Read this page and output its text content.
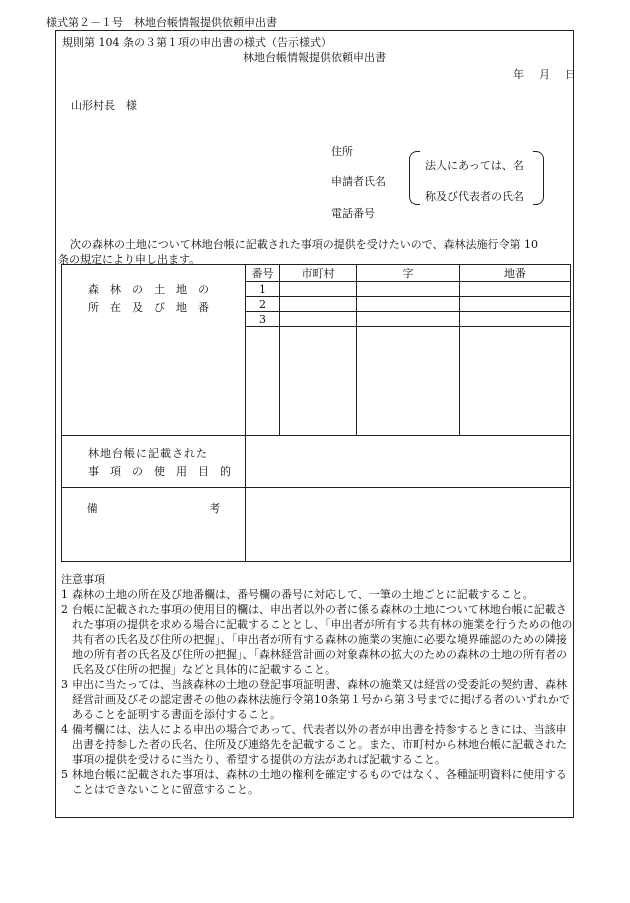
様式第２－１号　林地台帳情報提供依頼申出書
規則第 104 条の３第１項の申出書の様式（告示様式）
林地台帳情報提供依頼申出書
年　月　日
山形村長　様
住所
申請者氏名
電話番号
法人にあっては、名
称及び代表者の氏名
次の森林の土地について林地台帳に記載された事項の提供を受けたいので、森林法施行令第 10
条の規定により申し出ます。
森　林　の　土　地　の
所　在　及　び　地　番	番号	市町村	字	地番
	1			
	2			
	3			

林地台帳に記載された
事　項　の　使　用　目　的				

備 考				
注意事項
1 森林の土地の所在及び地番欄は、番号欄の番号に対応して、一筆の土地ごとに記載すること。
2 台帳に記載された事項の使用目的欄は、申出者以外の者に係る森林の土地について林地台帳に記載された事項の提供を求める場合に記載することとし、「申出者が所有する共有林の施業を行うための他の共有者の氏名及び住所の把握」、「申出者が所有する森林の施業の実施に必要な境界確認のための隣接地の所有者の氏名及び住所の把握」、「森林経営計画の対象森林の拡大のための森林の土地の所有者の氏名及び住所の把握」などと具体的に記載すること。
3 申出に当たっては、当該森林の土地の登記事項証明書、森林の施業又は経営の受委託の契約書、森林経営計画及びその認定書その他の森林法施行令第10条第１号から第３号までに掲げる者のいずれかであることを証明する書面を添付すること。
4 備考欄には、法人による申出の場合であって、代表者以外の者が申出書を持参するときには、当該申出書を持参した者の氏名、住所及び連絡先を記載すること。また、市町村から林地台帳に記載された事項の提供を受けるに当たり、希望する提供の方法があれば記載すること。
5 林地台帳に記載された事項は、森林の土地の権利を確定するものではなく、各種証明資料に使用することはできないことに留意すること。
